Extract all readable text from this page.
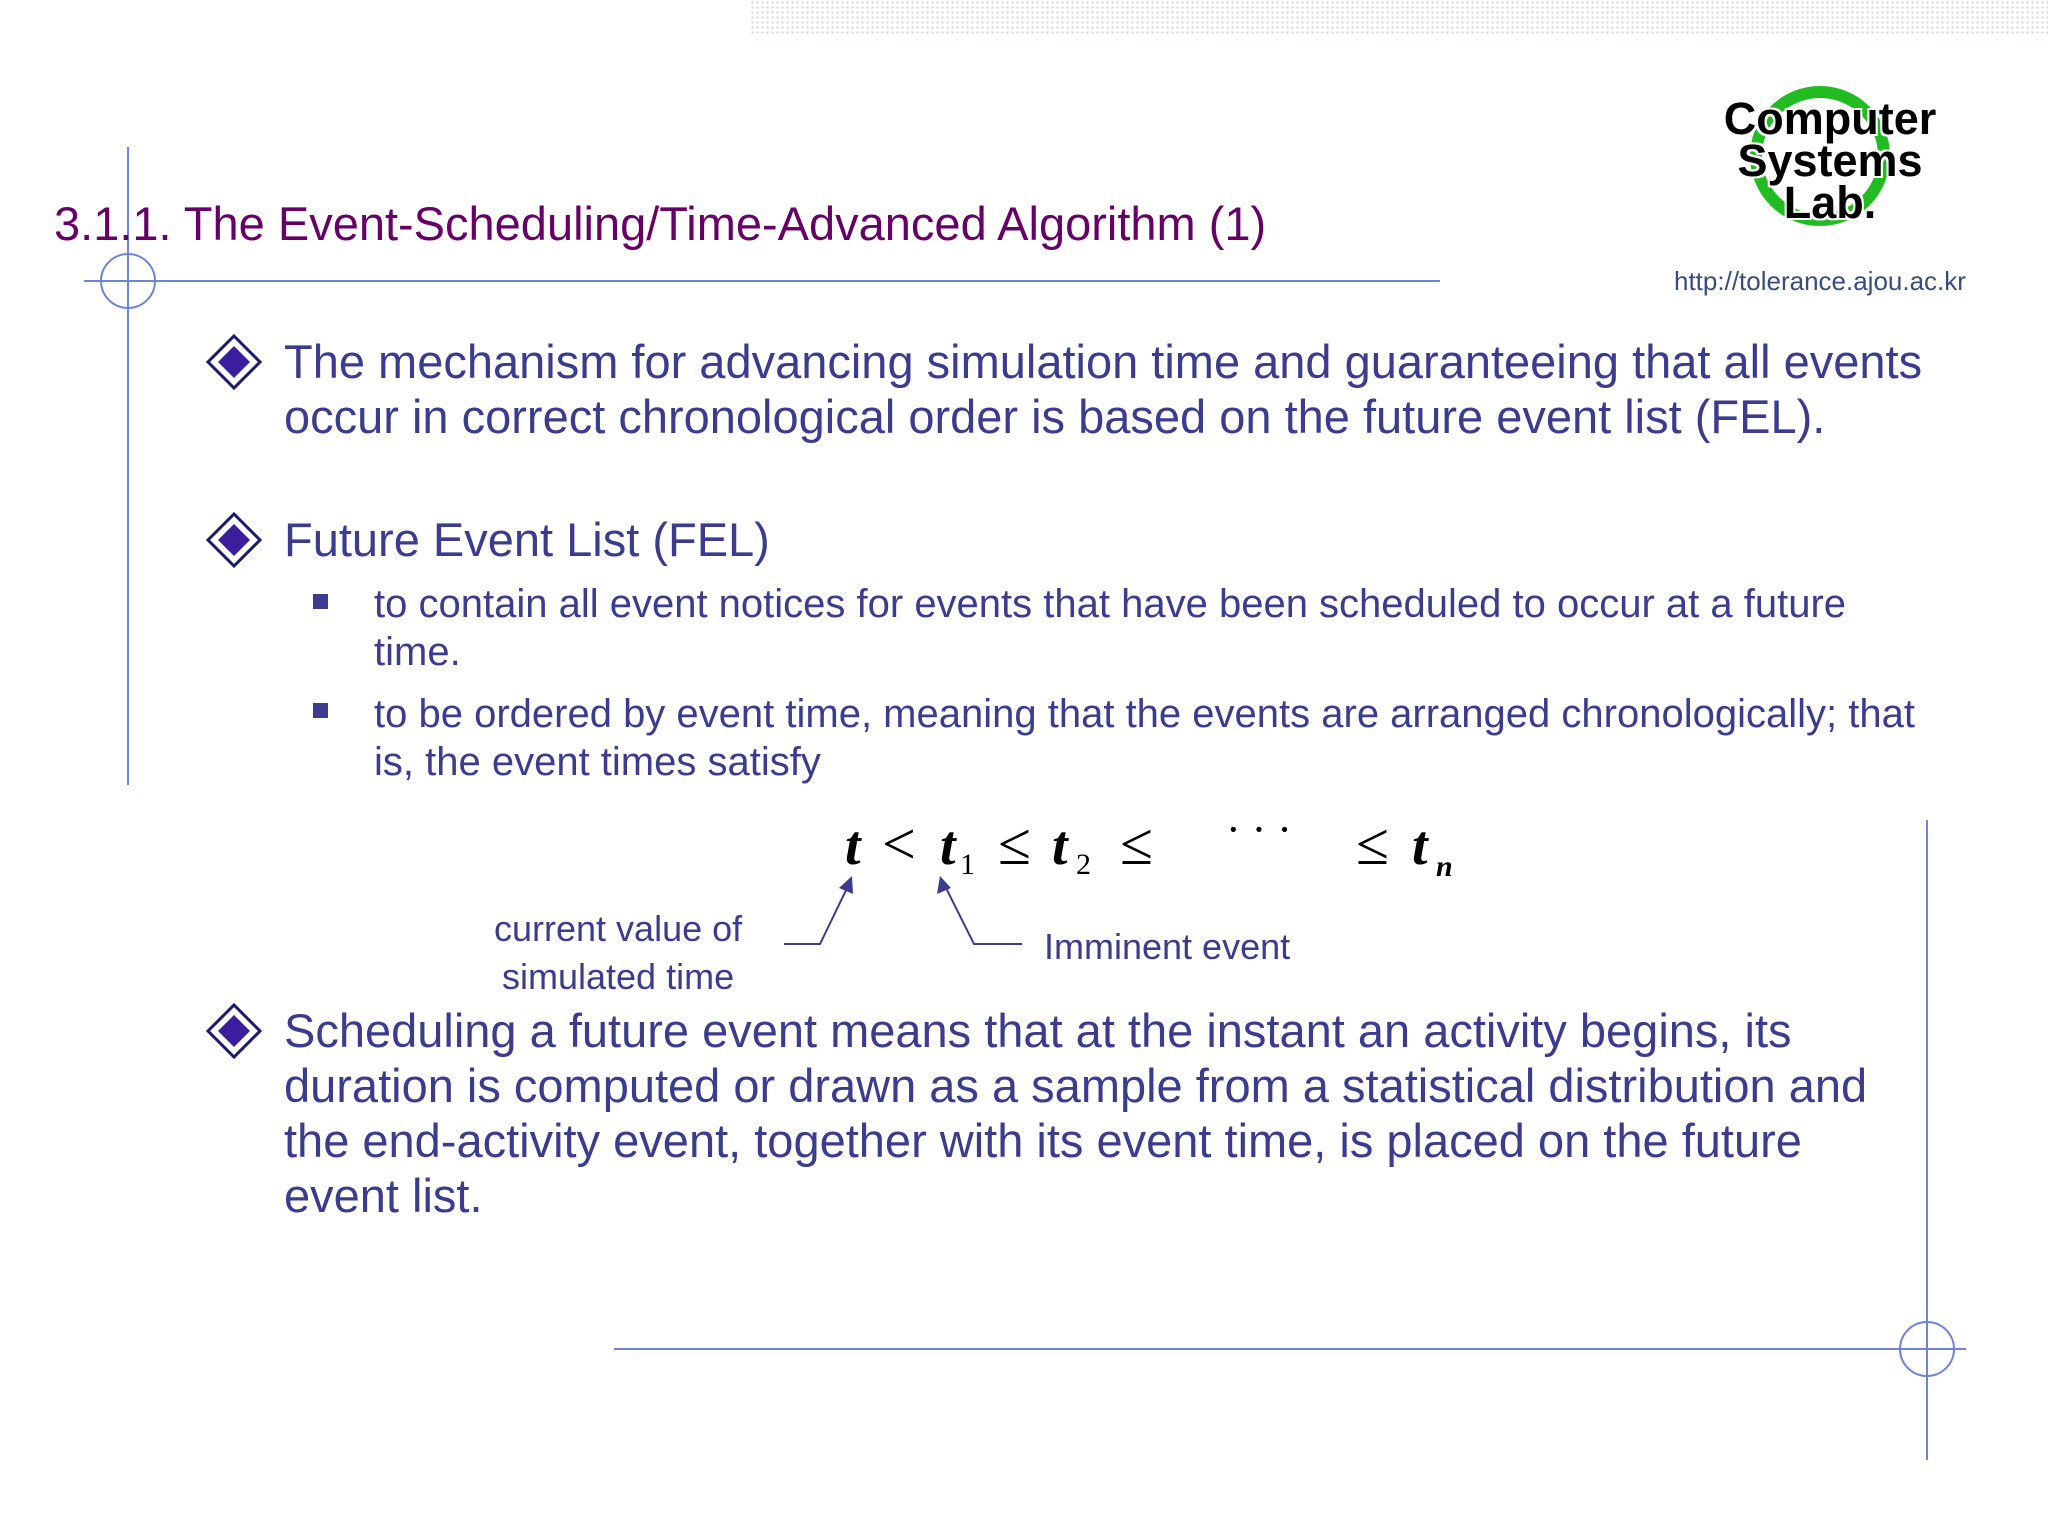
3.1.1. The Event-Scheduling/Time-Advanced Algorithm (1)
Computer
Systems
Lab.
http://tolerance.ajou.ac.kr
The mechanism for advancing simulation time and guaranteeing that all events occur in correct chronological order is based on the future event list (FEL).
Future Event List (FEL)
to contain all event notices for events that have been scheduled to occur at a future time.
to be ordered by event time, meaning that the events are arranged chronologically; that is, the event times satisfy
t < t 1 ≤ t 2 ≤ · · · ≤ t n
current value of
simulated time
Imminent event
Scheduling a future event means that at the instant an activity begins, its duration is computed or drawn as a sample from a statistical distribution and the end-activity event, together with its event time, is placed on the future event list.
